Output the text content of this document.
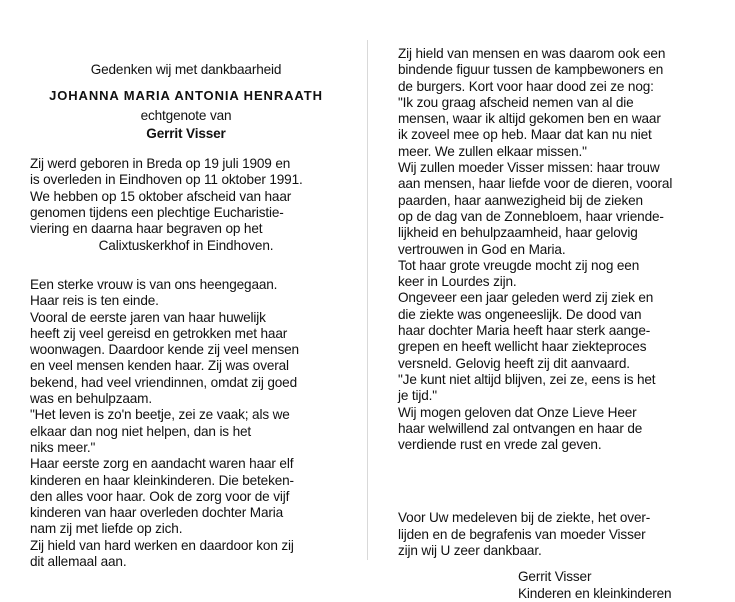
Gedenken wij met dankbaarheid
JOHANNA MARIA ANTONIA HENRAATH
echtgenote van
Gerrit Visser
Zij werd geboren in Breda op 19 juli 1909 en
is overleden in Eindhoven op 11 oktober 1991.
We hebben op 15 oktober afscheid van haar
genomen tijdens een plechtige Eucharistie-
viering en daarna haar begraven op het
Calixtuskerkhof in Eindhoven.
Een sterke vrouw is van ons heengegaan.
Haar reis is ten einde.
Vooral de eerste jaren van haar huwelijk
heeft zij veel gereisd en getrokken met haar
woonwagen. Daardoor kende zij veel mensen
en veel mensen kenden haar. Zij was overal
bekend, had veel vriendinnen, omdat zij goed
was en behulpzaam.
"Het leven is zo'n beetje, zei ze vaak; als we
elkaar dan nog niet helpen, dan is het
niks meer."
Haar eerste zorg en aandacht waren haar elf
kinderen en haar kleinkinderen. Die beteken-
den alles voor haar. Ook de zorg voor de vijf
kinderen van haar overleden dochter Maria
nam zij met liefde op zich.
Zij hield van hard werken en daardoor kon zij
dit allemaal aan.
Zij hield van mensen en was daarom ook een
bindende figuur tussen de kampbewoners en
de burgers. Kort voor haar dood zei ze nog:
"Ik zou graag afscheid nemen van al die
mensen, waar ik altijd gekomen ben en waar
ik zoveel mee op heb. Maar dat kan nu niet
meer. We zullen elkaar missen."
Wij zullen moeder Visser missen: haar trouw
aan mensen, haar liefde voor de dieren, vooral
paarden, haar aanwezigheid bij de zieken
op de dag van de Zonnebloem, haar vriende-
lijkheid en behulpzaamheid, haar gelovig
vertrouwen in God en Maria.
Tot haar grote vreugde mocht zij nog een
keer in Lourdes zijn.
Ongeveer een jaar geleden werd zij ziek en
die ziekte was ongeneeslijk. De dood van
haar dochter Maria heeft haar sterk aange-
grepen en heeft wellicht haar ziekteproces
versneld. Gelovig heeft zij dit aanvaard.
"Je kunt niet altijd blijven, zei ze, eens is het
je tijd."
Wij mogen geloven dat Onze Lieve Heer
haar welwillend zal ontvangen en haar de
verdiende rust en vrede zal geven.
Voor Uw medeleven bij de ziekte, het over-
lijden en de begrafenis van moeder Visser
zijn wij U zeer dankbaar.
Gerrit Visser
Kinderen en kleinkinderen
